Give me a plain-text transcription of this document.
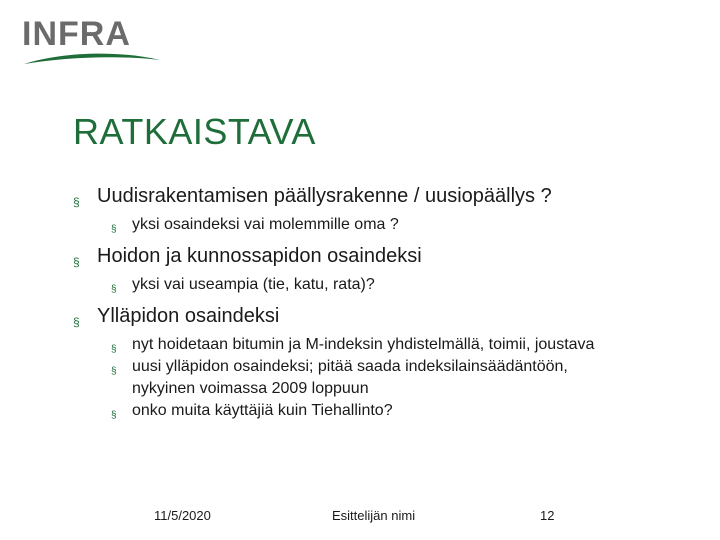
INFRA
RATKAISTAVA
§ Uudisrakentamisen päällysrakenne / uusiopäällys ?
§ yksi osaindeksi vai molemmille oma ?
§ Hoidon ja kunnossapidon osaindeksi
§ yksi vai useampia (tie, katu, rata)?
§ Ylläpidon osaindeksi
§ nyt hoidetaan bitumin ja M-indeksin yhdistelmällä, toimii, joustava
§ uusi ylläpidon osaindeksi; pitää saada indeksilainsäädäntöön, nykyinen voimassa 2009 loppuun
§ onko muita käyttäjiä kuin Tiehallinto?
11/5/2020	Esittelijän nimi	12
